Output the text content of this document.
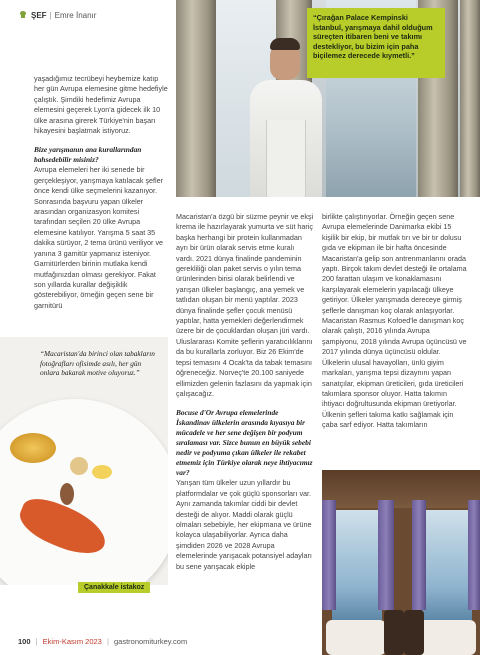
ŞEF | Emre İnanır	“Çırağan Palace Kempinski İstanbul, yarışmaya dahil olduğum süreçten itibaren beni ve takımı destekliyor, bu bizim için paha biçilemez derecede kıymetli.”

yaşadığımız tecrübeyi heybemize katıp her gün Avrupa elemesine gitme hedefiyle çalıştık. Şimdiki hedefimiz Avrupa elemesini geçerek Lyon'a gidecek ilk 10 ülke arasına girerek Türkiye'nin başarı hikayesini başlatmak istiyoruz.

Bize yarışmanın ana kurallarından bahsedebilir misiniz?

Avrupa elemeleri her iki senede bir gerçekleşiyor, yarışmaya katılacak şefler önce kendi ülke seçmelerini kazanıyor. Sonrasında başvuru yapan ülkeler arasından organizasyon komitesi tarafından seçilen 20 ülke Avrupa elemesine katılıyor. Yarışma 5 saat 35 dakika sürüyor, 2 tema ürünü veriliyor ve yanına 3 gamitür yapmanız isteniyor. Garnitürlerden birinin mutlaka kendi mutfağınızdan olması gerekiyor. Fakat son yıllarda kurallar değişiklik gösterebiliyor, örneğin geçen sene bir garnitürü

“Macaristan'da birinci olan tabakların fotoğrafları ofisimde asılı, her gün onlara bakarak motive oluyoruz.”
Çanakkale istakoz

Macaristan'a özgü bir süzme peynir ve ekşi krema ile hazırlayarak yumurta ve süt hariç başka herhangi bir protein kullanmadan ayrı bir ürün olarak servis etme kuralı vardı. 2021 dünya finalinde pandeminin gerekliliği olan paket servis o yılın tema ürünlerinden birisi olarak belirlendi ve yarışan ülkeler başlangıç, ana yemek ve tatlıdan oluşan bir menü yaptılar. 2023 dünya finalinde şefler çocuk menüsü yaptılar, hatta yemekleri değerlendirmek üzere bir de çocuklardan oluşan jüri vardı. Uluslararası Komite şeflerin yaratıcılıklarını da bu kurallarla zorluyor. Biz 26 Ekim'de tepsi temasını 4 Ocak'ta da tabak temasını öğreneceğiz. Norveç'te 20.100 saniyede ellimizden gelenin fazlasını da yapmak için çalışacağız.

Bocuse d'Or Avrupa elemelerinde İskandinav ülkelerin arasında kıyasıya bir mücadele ve her sene değişen bir podyum sıralaması var. Sizce bunun en büyük sebebi nedir ve podyuma çıkan ülkeler ile rekabet etmemiz için Türkiye olarak neye ihtiyacımız var?

Yarışan tüm ülkeler uzun yıllardır bu platformdalar ve çok güçlü sponsorları var. Aynı zamanda takımlar ciddi bir devlet desteği de alıyor. Maddi olarak güçlü olmaları sebebiyle, her ekipmana ve ürüne kolayca ulaşabiliyorlar. Ayrıca daha şimdiden 2026 ve 2028 Avrupa elemelerinde yarışacak potansiyel adayları bu sene yarışacak ekiple

birlikte çalıştırıyorlar. Örneğin geçen sene Avrupa elemelerinde Danimarka ekibi 15 kişilik bir ekip, bir mutfak tırı ve bir tır dolusu gıda ve ekipman ile bir hafta öncesinde Macaristan'a gelip son antrenmanlarını orada yaptı. Birçok takım devlet desteği ile ortalama 200 farattan ulaşım ve konaklamasını karşılayarak elemelerin yapılacağı ülkeye getiriyor. Ülkeler yarışmada dereceye girmiş şeflerle danışman koç olarak anlaşıyorlar. Macaristan Rasmus Kofoed'le danışman koç olarak çalıştı, 2016 yılında Avrupa şampiyonu, 2018 yılında Avrupa üçüncüsü ve 2017 yılında dünya üçüncüsü oldular. Ülkelerin ulusal havayolları, ünlü giyim markaları, yarışma tepsi dizaynını yapan sanatçılar, ekipman üreticileri, gıda üreticileri takımlara sponsor oluyor. Hatta takımın ihtiyacı doğrultusunda ekipman üretiyorlar. Ülkenin şefleri takıma katkı sağlamak için çaba sarf ediyor. Hatta takımların

100 | Ekim-Kasım 2023 | gastronomiturkey.com
